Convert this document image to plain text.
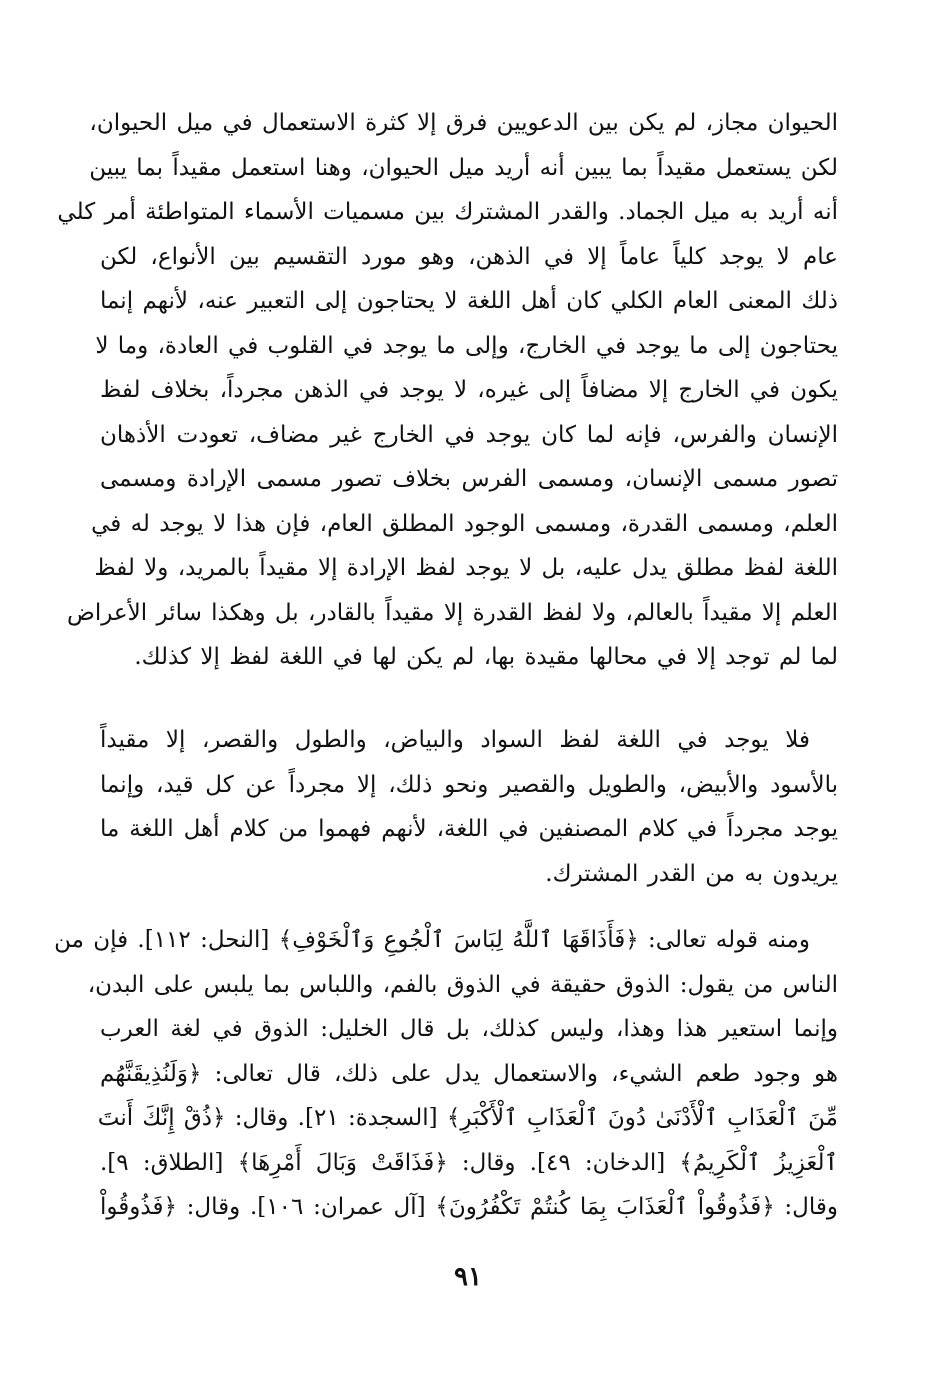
الحيوان مجاز، لم يكن بين الدعويين فرق إلا كثرة الاستعمال في ميل الحيوان،
لكن يستعمل مقيداً بما يبين أنه أريد ميل الحيوان، وهنا استعمل مقيداً بما يبين
أنه أريد به ميل الجماد. والقدر المشترك بين مسميات الأسماء المتواطئة أمر كلي
عام لا يوجد كلياً عاماً إلا في الذهن، وهو مورد التقسيم بين الأنواع، لكن
ذلك المعنى العام الكلي كان أهل اللغة لا يحتاجون إلى التعبير عنه، لأنهم إنما
يحتاجون إلى ما يوجد في الخارج، وإلى ما يوجد في القلوب في العادة، وما لا
يكون في الخارج إلا مضافاً إلى غيره، لا يوجد في الذهن مجرداً، بخلاف لفظ
الإنسان والفرس، فإنه لما كان يوجد في الخارج غير مضاف، تعودت الأذهان
تصور مسمى الإنسان، ومسمى الفرس بخلاف تصور مسمى الإرادة ومسمى
العلم، ومسمى القدرة، ومسمى الوجود المطلق العام، فإن هذا لا يوجد له في
اللغة لفظ مطلق يدل عليه، بل لا يوجد لفظ الإرادة إلا مقيداً بالمريد، ولا لفظ
العلم إلا مقيداً بالعالم، ولا لفظ القدرة إلا مقيداً بالقادر، بل وهكذا سائر الأعراض
لما لم توجد إلا في محالها مقيدة بها، لم يكن لها في اللغة لفظ إلا كذلك.
فلا يوجد في اللغة لفظ السواد والبياض، والطول والقصر، إلا مقيداً
بالأسود والأبيض، والطويل والقصير ونحو ذلك، إلا مجرداً عن كل قيد، وإنما
يوجد مجرداً في كلام المصنفين في اللغة، لأنهم فهموا من كلام أهل اللغة ما
يريدون به من القدر المشترك.
ومنه قوله تعالى: ﴿فَأَذَاقَهَا ٱللَّهُ لِبَاسَ ٱلْجُوعِ وَٱلْخَوْفِ﴾ [النحل: ١١٢]. فإن من
الناس من يقول: الذوق حقيقة في الذوق بالفم، واللباس بما يلبس على البدن،
وإنما استعير هذا وهذا، وليس كذلك، بل قال الخليل: الذوق في لغة العرب
هو وجود طعم الشيء، والاستعمال يدل على ذلك، قال تعالى: ﴿وَلَنُذِيقَنَّهُم
مِّنَ ٱلْعَذَابِ ٱلْأَدْنَىٰ دُونَ ٱلْعَذَابِ ٱلْأَكْبَرِ﴾ [السجدة: ٢١]. وقال: ﴿ذُقْ إِنَّكَ أَنتَ
ٱلْعَزِيزُ ٱلْكَرِيمُ﴾ [الدخان: ٤٩]. وقال: ﴿فَذَاقَتْ وَبَالَ أَمْرِهَا﴾ [الطلاق: ٩].
وقال: ﴿فَذُوقُواْ ٱلْعَذَابَ بِمَا كُنتُمْ تَكْفُرُونَ﴾ [آل عمران: ١٠٦]. وقال: ﴿فَذُوقُواْ
٩١
